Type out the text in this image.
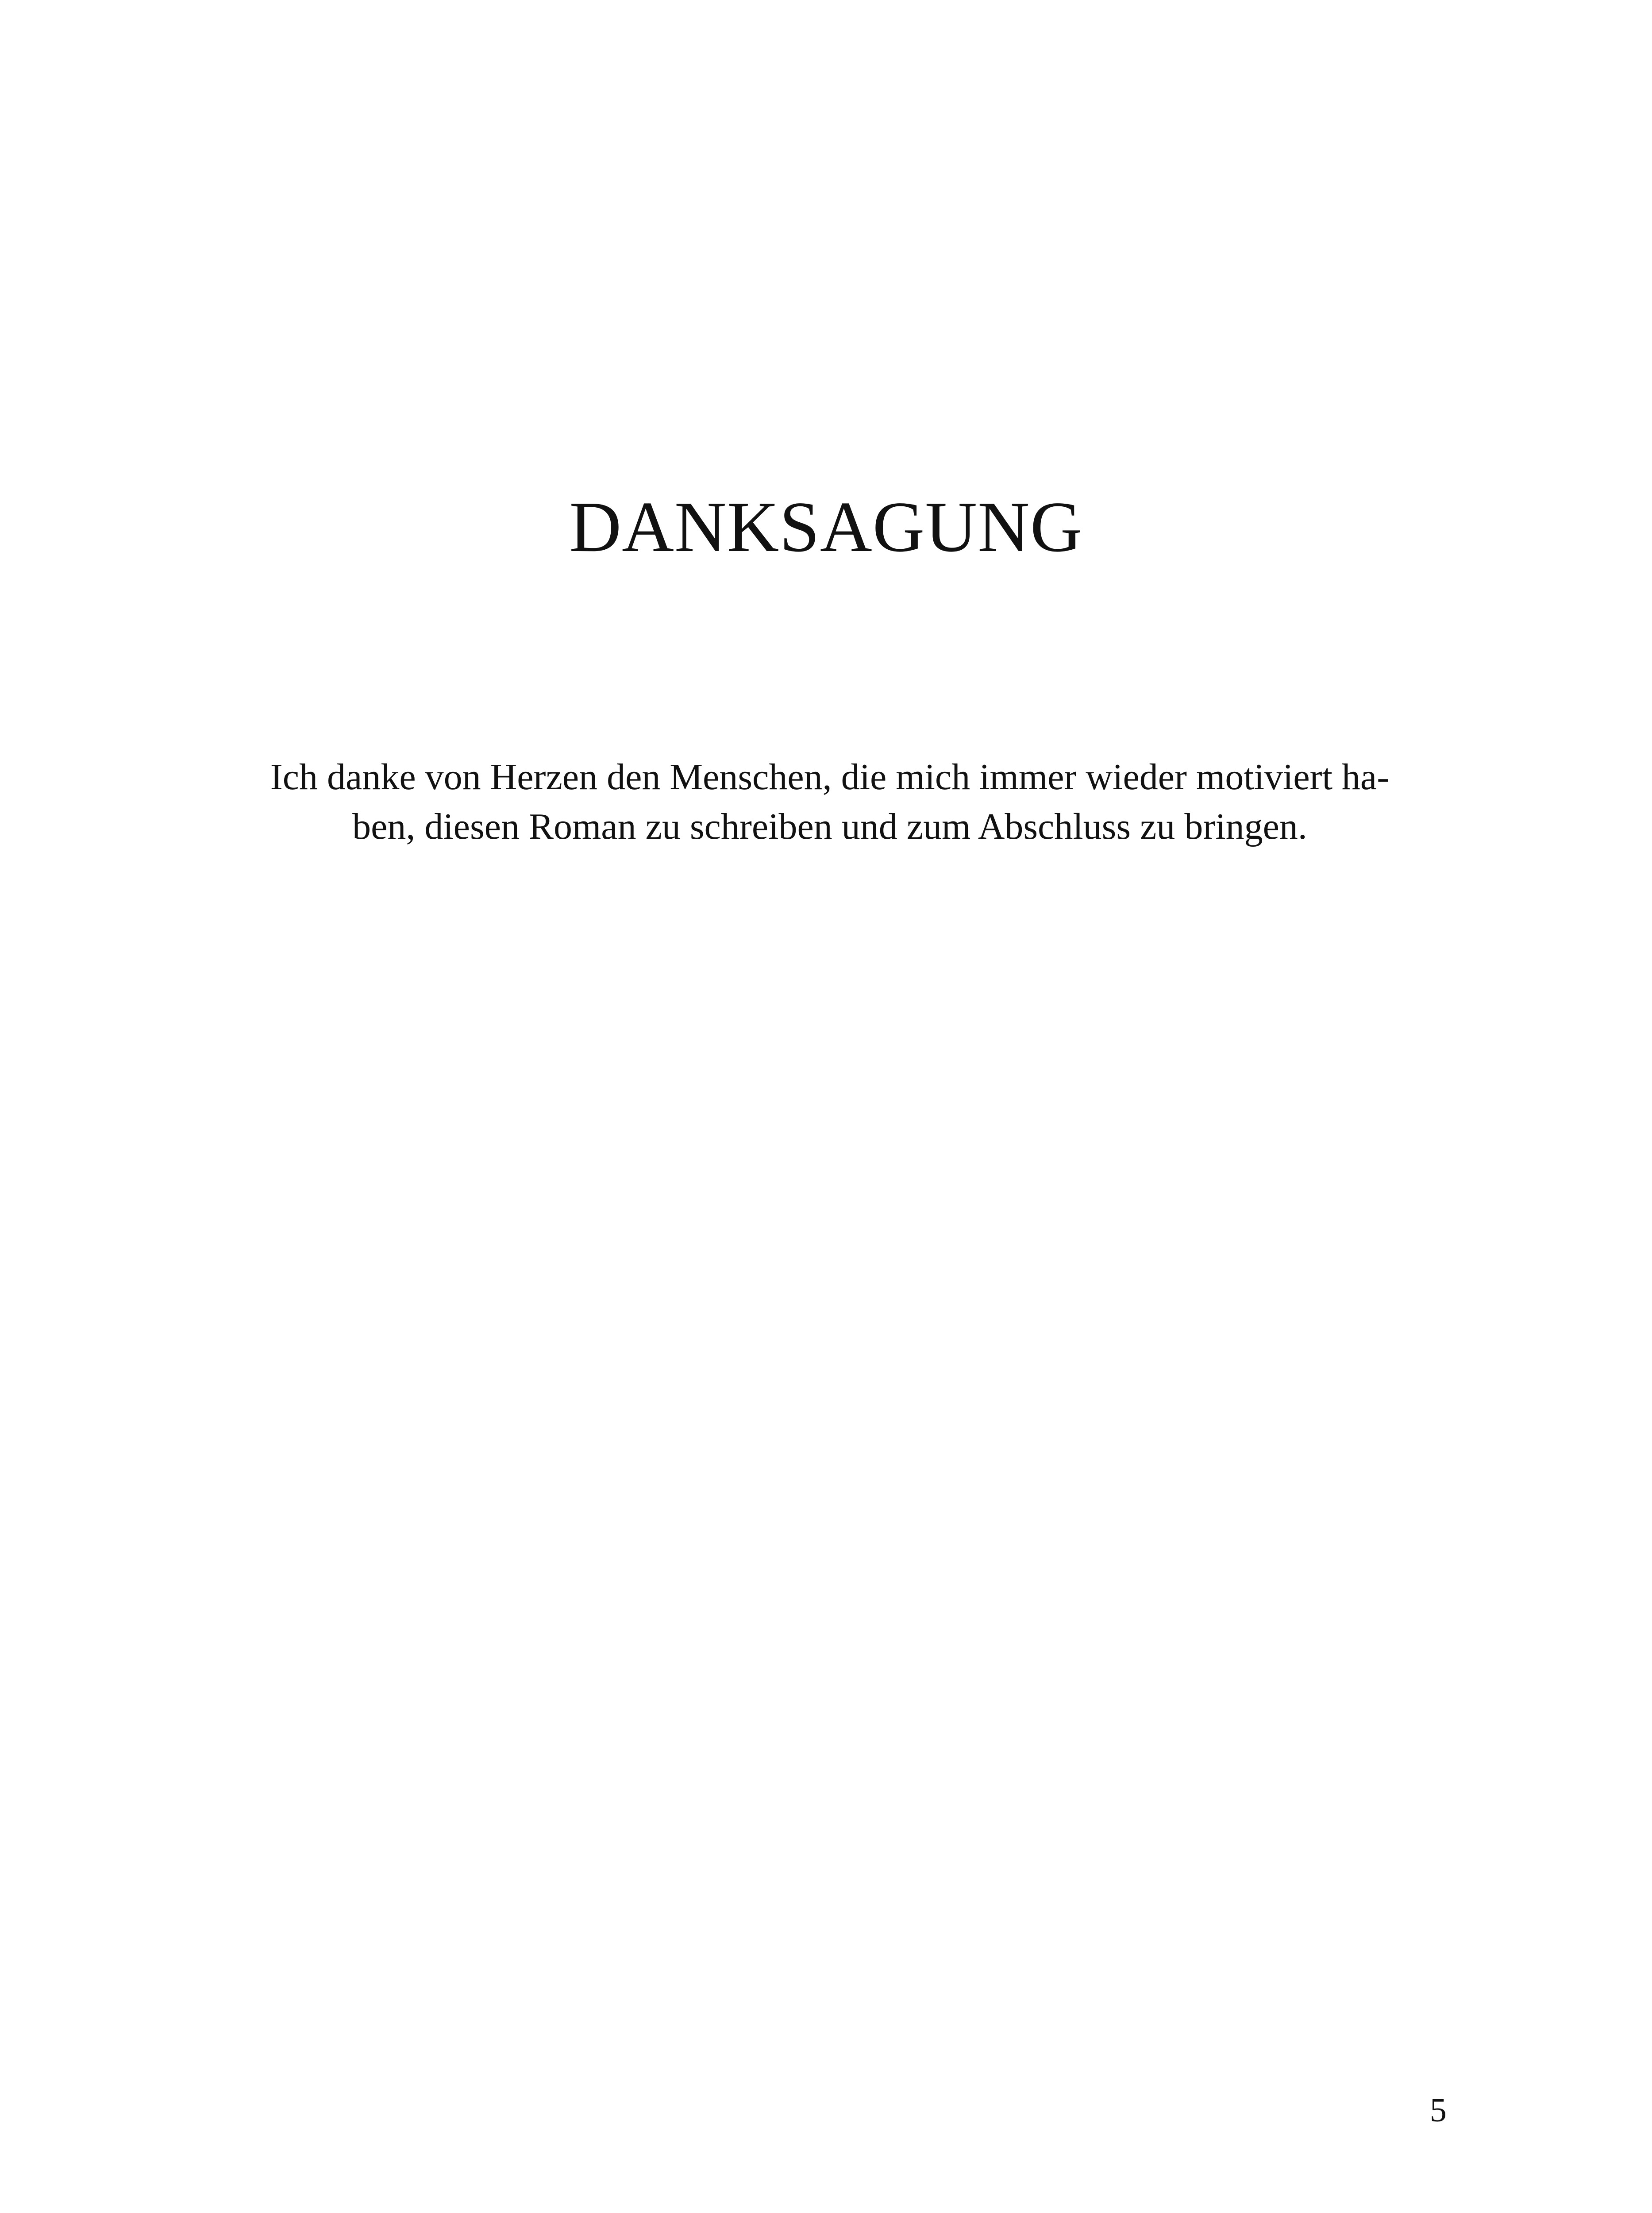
DANKSAGUNG

Ich danke von Herzen den Menschen, die mich immer wieder motiviert ha-
ben, diesen Roman zu schreiben und zum Abschluss zu bringen.

5
